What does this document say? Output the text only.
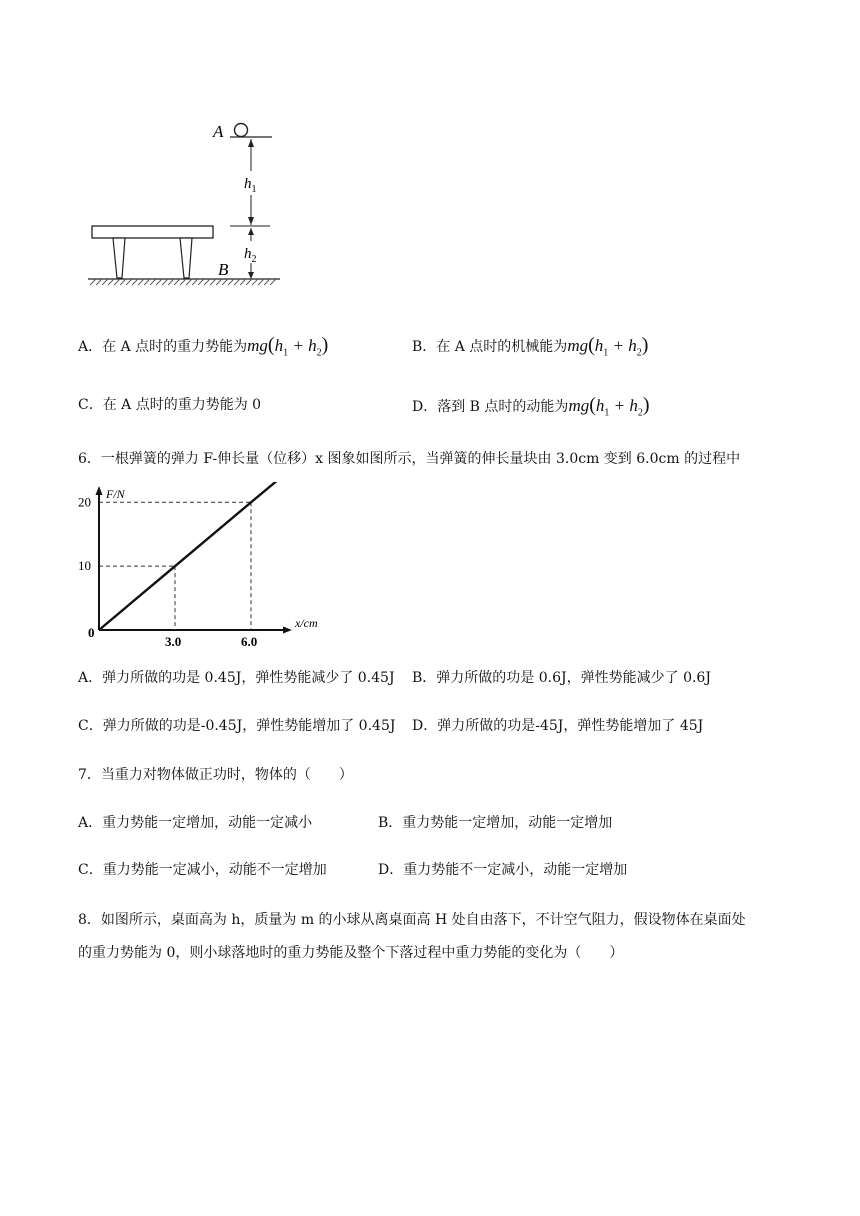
A
$h_1$
$h_2$
B
A．在 A 点时的重力势能为$mg(h_1 + h_2)$	B．在 A 点时的机械能为$mg(h_1 + h_2)$
C．在 A 点时的重力势能为 0	D．落到 B 点时的动能为$mg(h_1 + h_2)$
6．一根弹簧的弹力 F-伸长量（位移）x 图象如图所示，当弹簧的伸长量块由 3.0cm 变到 6.0cm 的过程中
F/N
x/cm
0
3.0	6.0
10
20
A．弹力所做的功是 0.45J，弹性势能减少了 0.45J B．弹力所做的功是 0.6J，弹性势能减少了 0.6J
C．弹力所做的功是-0.45J，弹性势能增加了 0.45J D．弹力所做的功是-45J，弹性势能增加了 45J
7．当重力对物体做正功时，物体的（　　）
A．重力势能一定增加，动能一定减小	B．重力势能一定增加，动能一定增加
C．重力势能一定减小，动能不一定增加	D．重力势能不一定减小，动能一定增加
8．如图所示，桌面高为 h，质量为 m 的小球从离桌面高 H 处自由落下，不计空气阻力，假设物体在桌面处
的重力势能为 0，则小球落地时的重力势能及整个下落过程中重力势能的变化为（　　）
